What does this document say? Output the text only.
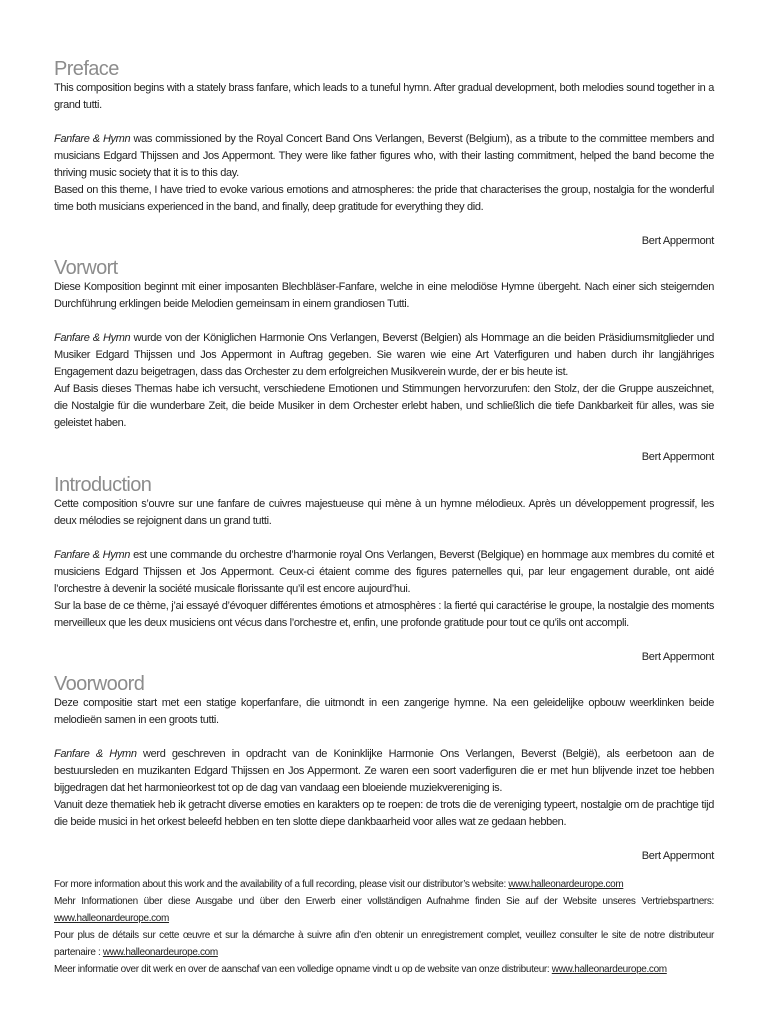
Preface

This composition begins with a stately brass fanfare, which leads to a tuneful hymn. After gradual development, both melodies sound together in a grand tutti.

Fanfare & Hymn was commissioned by the Royal Concert Band Ons Verlangen, Beverst (Belgium), as a tribute to the committee members and musicians Edgard Thijssen and Jos Appermont. They were like father figures who, with their lasting commitment, helped the band become the thriving music society that it is to this day.

Based on this theme, I have tried to evoke various emotions and atmospheres: the pride that characterises the group, nostalgia for the wonderful time both musicians experienced in the band, and finally, deep gratitude for everything they did.

Bert Appermont
Vorwort

Diese Komposition beginnt mit einer imposanten Blechbläser-Fanfare, welche in eine melodiöse Hymne übergeht. Nach einer sich steigernden Durchführung erklingen beide Melodien gemeinsam in einem grandiosen Tutti.

Fanfare & Hymn wurde von der Königlichen Harmonie Ons Verlangen, Beverst (Belgien) als Hommage an die beiden Präsidiumsmitglieder und Musiker Edgard Thijssen und Jos Appermont in Auftrag gegeben. Sie waren wie eine Art Vaterfiguren und haben durch ihr langjähriges Engagement dazu beigetragen, dass das Orchester zu dem erfolgreichen Musikverein wurde, der er bis heute ist.

Auf Basis dieses Themas habe ich versucht, verschiedene Emotionen und Stimmungen hervorzurufen: den Stolz, der die Gruppe auszeichnet, die Nostalgie für die wunderbare Zeit, die beide Musiker in dem Orchester erlebt haben, und schließlich die tiefe Dankbarkeit für alles, was sie geleistet haben.

Bert Appermont
Introduction

Cette composition s’ouvre sur une fanfare de cuivres majestueuse qui mène à un hymne mélodieux. Après un développement progressif, les deux mélodies se rejoignent dans un grand tutti.

Fanfare & Hymn est une commande du orchestre d’harmonie royal Ons Verlangen, Beverst (Belgique) en hommage aux membres du comité et musiciens Edgard Thijssen et Jos Appermont. Ceux-ci étaient comme des figures paternelles qui, par leur engagement durable, ont aidé l’orchestre à devenir la société musicale florissante qu’il est encore aujourd’hui.

Sur la base de ce thème, j’ai essayé d’évoquer différentes émotions et atmosphères : la fierté qui caractérise le groupe, la nostalgie des moments merveilleux que les deux musiciens ont vécus dans l’orchestre et, enfin, une profonde gratitude pour tout ce qu’ils ont accompli.

Bert Appermont
Voorwoord

Deze compositie start met een statige koperfanfare, die uitmondt in een zangerige hymne. Na een geleidelijke opbouw weerklinken beide melodieën samen in een groots tutti.

Fanfare & Hymn werd geschreven in opdracht van de Koninklijke Harmonie Ons Verlangen, Beverst (België), als eerbetoon aan de bestuursleden en muzikanten Edgard Thijssen en Jos Appermont. Ze waren een soort vaderfiguren die er met hun blijvende inzet toe hebben bijgedragen dat het harmonieorkest tot op de dag van vandaag een bloeiende muziekvereniging is.

Vanuit deze thematiek heb ik getracht diverse emoties en karakters op te roepen: de trots die de vereniging typeert, nostalgie om de prachtige tijd die beide musici in het orkest beleefd hebben en ten slotte diepe dankbaarheid voor alles wat ze gedaan hebben.

Bert Appermont
For more information about this work and the availability of a full recording, please visit our distributor’s website: www.halleonardeurope.com
Mehr Informationen über diese Ausgabe und über den Erwerb einer vollständigen Aufnahme finden Sie auf der Website unseres Vertriebspartners: www.halleonardeurope.com
Pour plus de détails sur cette œuvre et sur la démarche à suivre afin d’en obtenir un enregistrement complet, veuillez consulter le site de notre distributeur partenaire : www.halleonardeurope.com
Meer informatie over dit werk en over de aanschaf van een volledige opname vindt u op de website van onze distributeur: www.halleonardeurope.com
